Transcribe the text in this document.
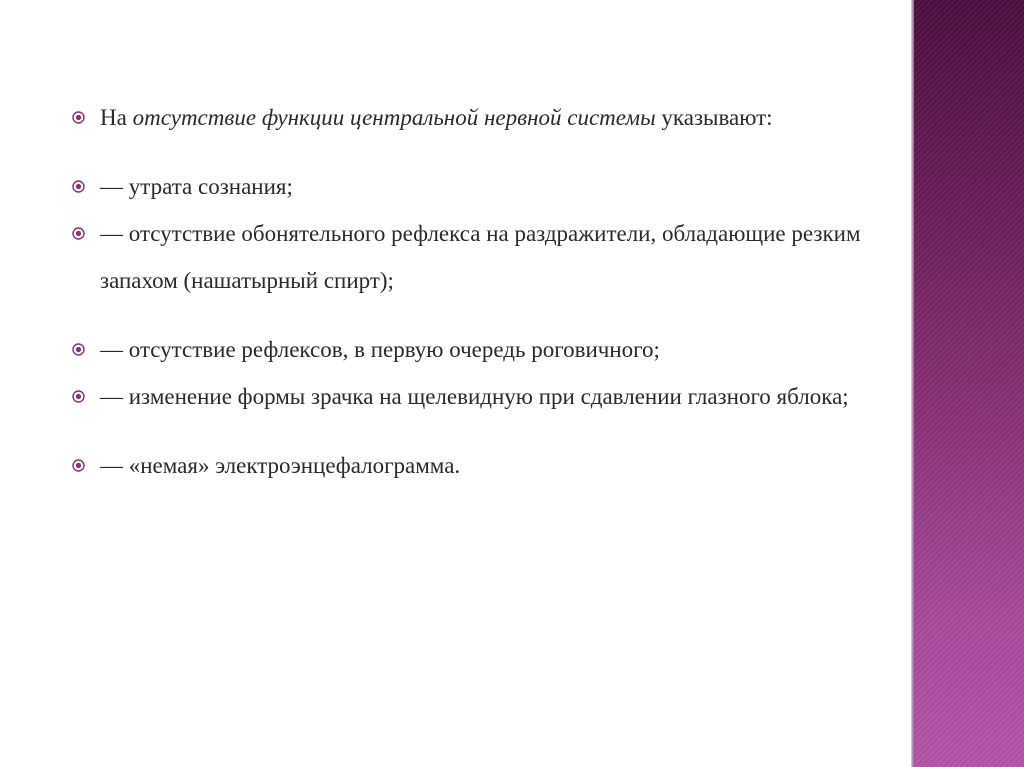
На отсутствие функции центральной нервной системы указывают:
— утрата сознания;
— отсутствие обонятельного рефлекса на раздражители, обладающие резким запахом (нашатырный спирт);
— отсутствие рефлексов, в первую очередь роговичного;
— изменение формы зрачка на щелевидную при сдавлении глазного яблока;
— «немая» электроэнцефалограмма.
